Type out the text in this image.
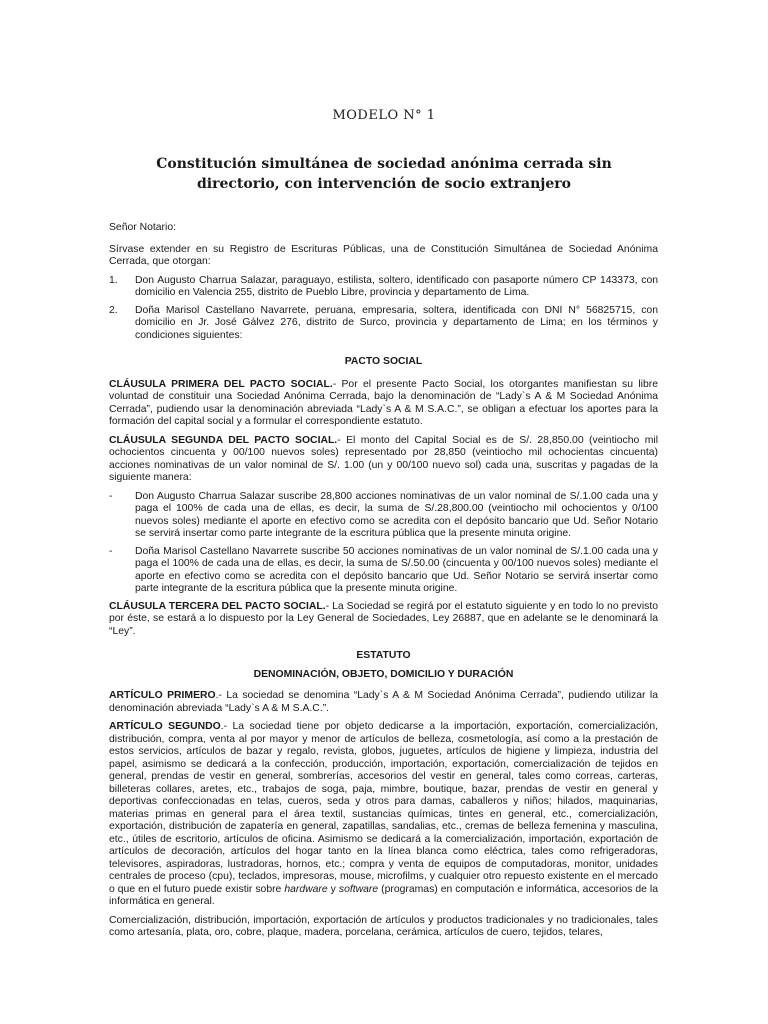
MODELO N° 1
Constitución simultánea de sociedad anónima cerrada sin
directorio, con intervención de socio extranjero

Señor Notario:

Sírvase extender en su Registro de Escrituras Públicas, una de Constitución Simultánea de Sociedad Anónima Cerrada, que otorgan:

1.	Don Augusto Charrua Salazar, paraguayo, estilista, soltero, identificado con pasaporte número CP 143373, con domicilio en Valencia 255, distrito de Pueblo Libre, provincia y departamento de Lima.
2.	Doña Marisol Castellano Navarrete, peruana, empresaria, soltera, identificada con DNI N° 56825715, con domicilio en Jr. José Gálvez 276, distrito de Surco, provincia y departamento de Lima; en los términos y condiciones siguientes:
PACTO SOCIAL

CLÁUSULA PRIMERA DEL PACTO SOCIAL.- Por el presente Pacto Social, los otorgantes manifiestan su libre voluntad de constituir una Sociedad Anónima Cerrada, bajo la denominación de “Lady`s A & M Sociedad Anónima Cerrada”, pudiendo usar la denominación abreviada “Lady`s A & M S.A.C.”, se obligan a efectuar los aportes para la formación del capital social y a formular el correspondiente estatuto.

CLÁUSULA SEGUNDA DEL PACTO SOCIAL.- El monto del Capital Social es de S/. 28,850.00 (veintiocho mil ochocientos cincuenta y 00/100 nuevos soles) representado por 28,850 (veintiocho mil ochocientas cincuenta) acciones nominativas de un valor nominal de S/. 1.00 (un y 00/100 nuevo sol) cada una, suscritas y pagadas de la siguiente manera:

-	Don Augusto Charrua Salazar suscribe 28,800 acciones nominativas de un valor nominal de S/.1.00 cada una y paga el 100% de cada una de ellas, es decir, la suma de S/.28,800.00 (veintiocho mil ochocientos y 0/100 nuevos soles) mediante el aporte en efectivo como se acredita con el depósito bancario que Ud. Señor Notario se servirá insertar como parte integrante de la escritura pública que la presente minuta origine.
-	Doña Marisol Castellano Navarrete suscribe 50 acciones nominativas de un valor nominal de S/.1.00 cada una y paga el 100% de cada una de ellas, es decir, la suma de S/.50.00 (cincuenta y 00/100 nuevos soles) mediante el aporte en efectivo como se acredita con el depósito bancario que Ud. Señor Notario se servirá insertar como parte integrante de la escritura pública que la presente minuta origine.

CLÁUSULA TERCERA DEL PACTO SOCIAL.- La Sociedad se regirá por el estatuto siguiente y en todo lo no previsto por éste, se estará a lo dispuesto por la Ley General de Sociedades, Ley 26887, que en adelante se le denominará la “Ley”.

ESTATUTO
DENOMINACIÓN, OBJETO, DOMICILIO Y DURACIÓN

ARTÍCULO PRIMERO.- La sociedad se denomina “Lady`s A & M Sociedad Anónima Cerrada”, pudiendo utilizar la denominación abreviada “Lady`s A & M S.A.C.”.

ARTÍCULO SEGUNDO.- La sociedad tiene por objeto dedicarse a la importación, exportación, comercialización, distribución, compra, venta al por mayor y menor de artículos de belleza, cosmetología, así como a la prestación de estos servicios, artículos de bazar y regalo, revista, globos, juguetes, artículos de higiene y limpieza, industria del papel, asimismo se dedicará a la confección, producción, importación, exportación, comercialización de tejidos en general, prendas de vestir en general, sombrerías, accesorios del vestir en general, tales como correas, carteras, billeteras collares, aretes, etc., trabajos de soga, paja, mimbre, boutique, bazar, prendas de vestir en general y deportivas confeccionadas en telas, cueros, seda y otros para damas, caballeros y niños; hilados, maquinarias, materias primas en general para el área textil, sustancias químicas, tintes en general, etc., comercialización, exportación, distribución de zapatería en general, zapatillas, sandalias, etc., cremas de belleza femenina y masculina, etc., útiles de escritorio, artículos de oficina. Asimismo se dedicará a la comercialización, importación, exportación de artículos de decoración, artículos del hogar tanto en la línea blanca como eléctrica, tales como refrigeradoras, televisores, aspiradoras, lustradoras, hornos, etc.; compra y venta de equipos de computadoras, monitor, unidades centrales de proceso (cpu), teclados, impresoras, mouse, microfilms, y cualquier otro repuesto existente en el mercado o que en el futuro puede existir sobre hardware y software (programas) en computación e informática, accesorios de la informática en general.

Comercialización, distribución, importación, exportación de artículos y productos tradicionales y no tradicionales, tales como artesanía, plata, oro, cobre, plaque, madera, porcelana, cerámica, artículos de cuero, tejidos, telares,
